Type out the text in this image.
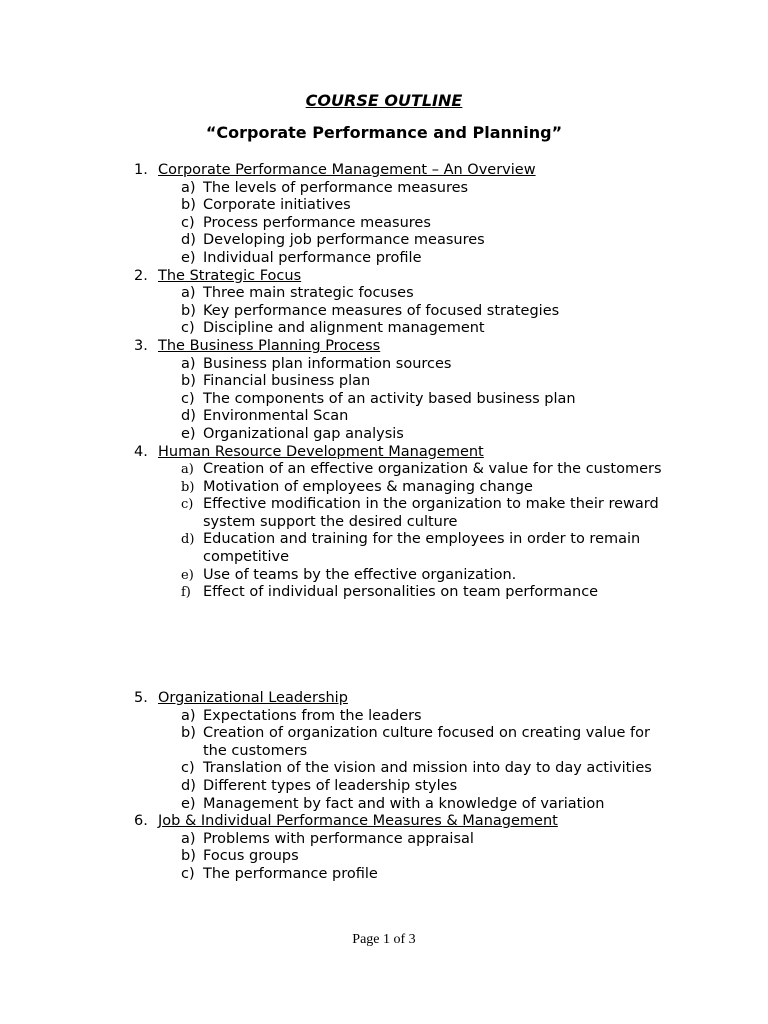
COURSE OUTLINE
“Corporate Performance and Planning”
1. Corporate Performance Management – An Overview
a) The levels of performance measures
b) Corporate initiatives
c) Process performance measures
d) Developing job performance measures
e) Individual performance profile
2. The Strategic Focus
a) Three main strategic focuses
b) Key performance measures of focused strategies
c) Discipline and alignment management
3. The Business Planning Process
a) Business plan information sources
b) Financial business plan
c) The components of an activity based business plan
d) Environmental Scan
e) Organizational gap analysis
4. Human Resource Development Management
a) Creation of an effective organization & value for the customers
b) Motivation of employees & managing change
c) Effective modification in the organization to make their reward system support the desired culture
d) Education and training for the employees in order to remain competitive
e) Use of teams by the effective organization.
f) Effect of individual personalities on team performance
5. Organizational Leadership
a) Expectations from the leaders
b) Creation of organization culture focused on creating value for the customers
c) Translation of the vision and mission into day to day activities
d) Different types of leadership styles
e) Management by fact and with a knowledge of variation
6. Job & Individual Performance Measures & Management
a) Problems with performance appraisal
b) Focus groups
c) The performance profile
Page 1 of 3
